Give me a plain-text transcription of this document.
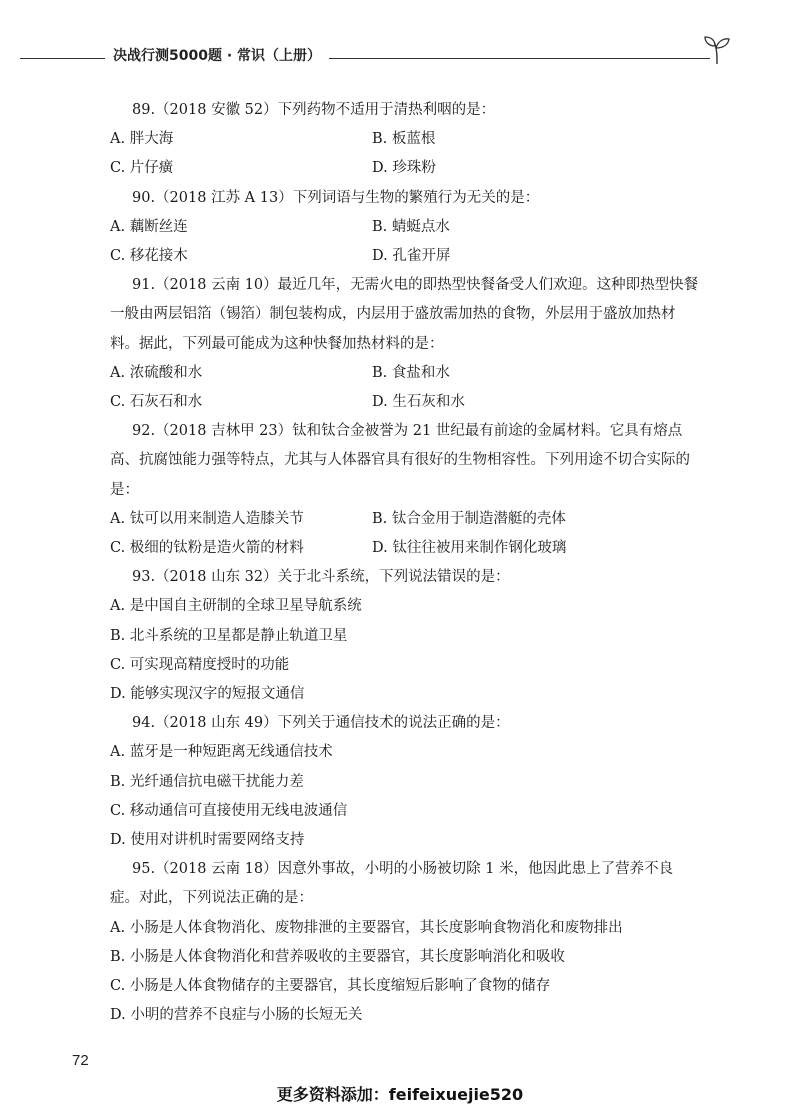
决战行测5000题 · 常识（上册）

89.（2018 安徽 52）下列药物不适用于清热利咽的是：

A. 胖大海	B. 板蓝根
C. 片仔癀	D. 珍珠粉

90.（2018 江苏 A 13）下列词语与生物的繁殖行为无关的是：

A. 藕断丝连	B. 蜻蜓点水
C. 移花接木	D. 孔雀开屏

91.（2018 云南 10）最近几年，无需火电的即热型快餐备受人们欢迎。这种即热型快餐一般由两层铝箔（锡箔）制包装构成，内层用于盛放需加热的食物，外层用于盛放加热材料。据此，下列最可能成为这种快餐加热材料的是：

A. 浓硫酸和水	B. 食盐和水
C. 石灰石和水	D. 生石灰和水

92.（2018 吉林甲 23）钛和钛合金被誉为 21 世纪最有前途的金属材料。它具有熔点高、抗腐蚀能力强等特点，尤其与人体器官具有很好的生物相容性。下列用途不切合实际的是：

A. 钛可以用来制造人造膝关节	B. 钛合金用于制造潜艇的壳体
C. 极细的钛粉是造火箭的材料	D. 钛往往被用来制作钢化玻璃

93.（2018 山东 32）关于北斗系统，下列说法错误的是：

A. 是中国自主研制的全球卫星导航系统

B. 北斗系统的卫星都是静止轨道卫星

C. 可实现高精度授时的功能

D. 能够实现汉字的短报文通信

94.（2018 山东 49）下列关于通信技术的说法正确的是：

A. 蓝牙是一种短距离无线通信技术

B. 光纤通信抗电磁干扰能力差

C. 移动通信可直接使用无线电波通信

D. 使用对讲机时需要网络支持

95.（2018 云南 18）因意外事故，小明的小肠被切除 1 米，他因此患上了营养不良症。对此，下列说法正确的是：

A. 小肠是人体食物消化、废物排泄的主要器官，其长度影响食物消化和废物排出

B. 小肠是人体食物消化和营养吸收的主要器官，其长度影响消化和吸收

C. 小肠是人体食物储存的主要器官，其长度缩短后影响了食物的储存

D. 小明的营养不良症与小肠的长短无关

72
更多资料添加：feifeixuejie520
